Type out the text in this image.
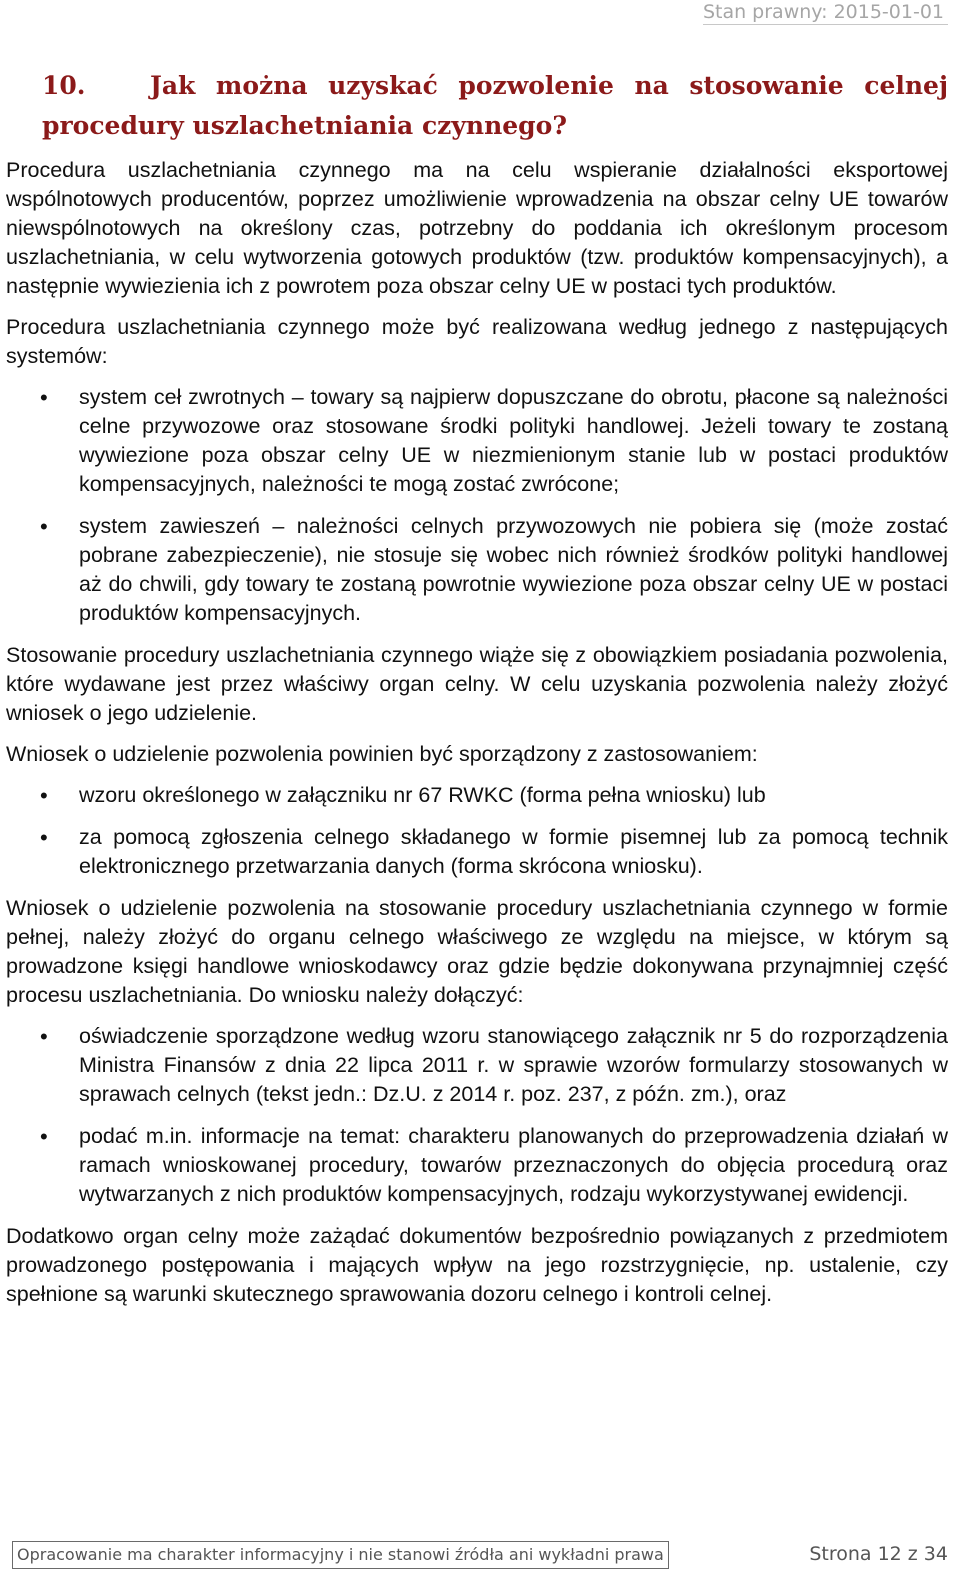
Stan prawny: 2015-01-01
10.	Jak można uzyskać pozwolenie na stosowanie celnej procedury uszlachetniania czynnego?

Procedura uszlachetniania czynnego ma na celu wspieranie działalności eksportowej wspólnotowych producentów, poprzez umożliwienie wprowadzenia na obszar celny UE towarów niewspólnotowych na określony czas, potrzebny do poddania ich określonym procesom uszlachetniania, w celu wytworzenia gotowych produktów (tzw. produktów kompensacyjnych), a następnie wywiezienia ich z powrotem poza obszar celny UE w postaci tych produktów.

Procedura uszlachetniania czynnego może być realizowana według jednego z następujących systemów:

• system ceł zwrotnych – towary są najpierw dopuszczane do obrotu, płacone są należności celne przywozowe oraz stosowane środki polityki handlowej. Jeżeli towary te zostaną wywiezione poza obszar celny UE w niezmienionym stanie lub w postaci produktów kompensacyjnych, należności te mogą zostać zwrócone;
• system zawieszeń – należności celnych przywozowych nie pobiera się (może zostać pobrane zabezpieczenie), nie stosuje się wobec nich również środków polityki handlowej aż do chwili, gdy towary te zostaną powrotnie wywiezione poza obszar celny UE w postaci produktów kompensacyjnych.

Stosowanie procedury uszlachetniania czynnego wiąże się z obowiązkiem posiadania pozwolenia, które wydawane jest przez właściwy organ celny. W celu uzyskania pozwolenia należy złożyć wniosek o jego udzielenie.

Wniosek o udzielenie pozwolenia powinien być sporządzony z zastosowaniem:

• wzoru określonego w załączniku nr 67 RWKC (forma pełna wniosku) lub
• za pomocą zgłoszenia celnego składanego w formie pisemnej lub za pomocą technik elektronicznego przetwarzania danych (forma skrócona wniosku).

Wniosek o udzielenie pozwolenia na stosowanie procedury uszlachetniania czynnego w formie pełnej, należy złożyć do organu celnego właściwego ze względu na miejsce, w którym są prowadzone księgi handlowe wnioskodawcy oraz gdzie będzie dokonywana przynajmniej część procesu uszlachetniania. Do wniosku należy dołączyć:

• oświadczenie sporządzone według wzoru stanowiącego załącznik nr 5 do rozporządzenia Ministra Finansów z dnia 22 lipca 2011 r. w sprawie wzorów formularzy stosowanych w sprawach celnych (tekst jedn.: Dz.U. z 2014 r. poz. 237, z późn. zm.), oraz
• podać m.in. informacje na temat: charakteru planowanych do przeprowadzenia działań w ramach wnioskowanej procedury, towarów przeznaczonych do objęcia procedurą oraz wytwarzanych z nich produktów kompensacyjnych, rodzaju wykorzystywanej ewidencji.

Dodatkowo organ celny może zażądać dokumentów bezpośrednio powiązanych z przedmiotem prowadzonego postępowania i mających wpływ na jego rozstrzygnięcie, np. ustalenie, czy spełnione są warunki skutecznego sprawowania dozoru celnego i kontroli celnej.

Opracowanie ma charakter informacyjny i nie stanowi źródła ani wykładni prawa	Strona 12 z 34
